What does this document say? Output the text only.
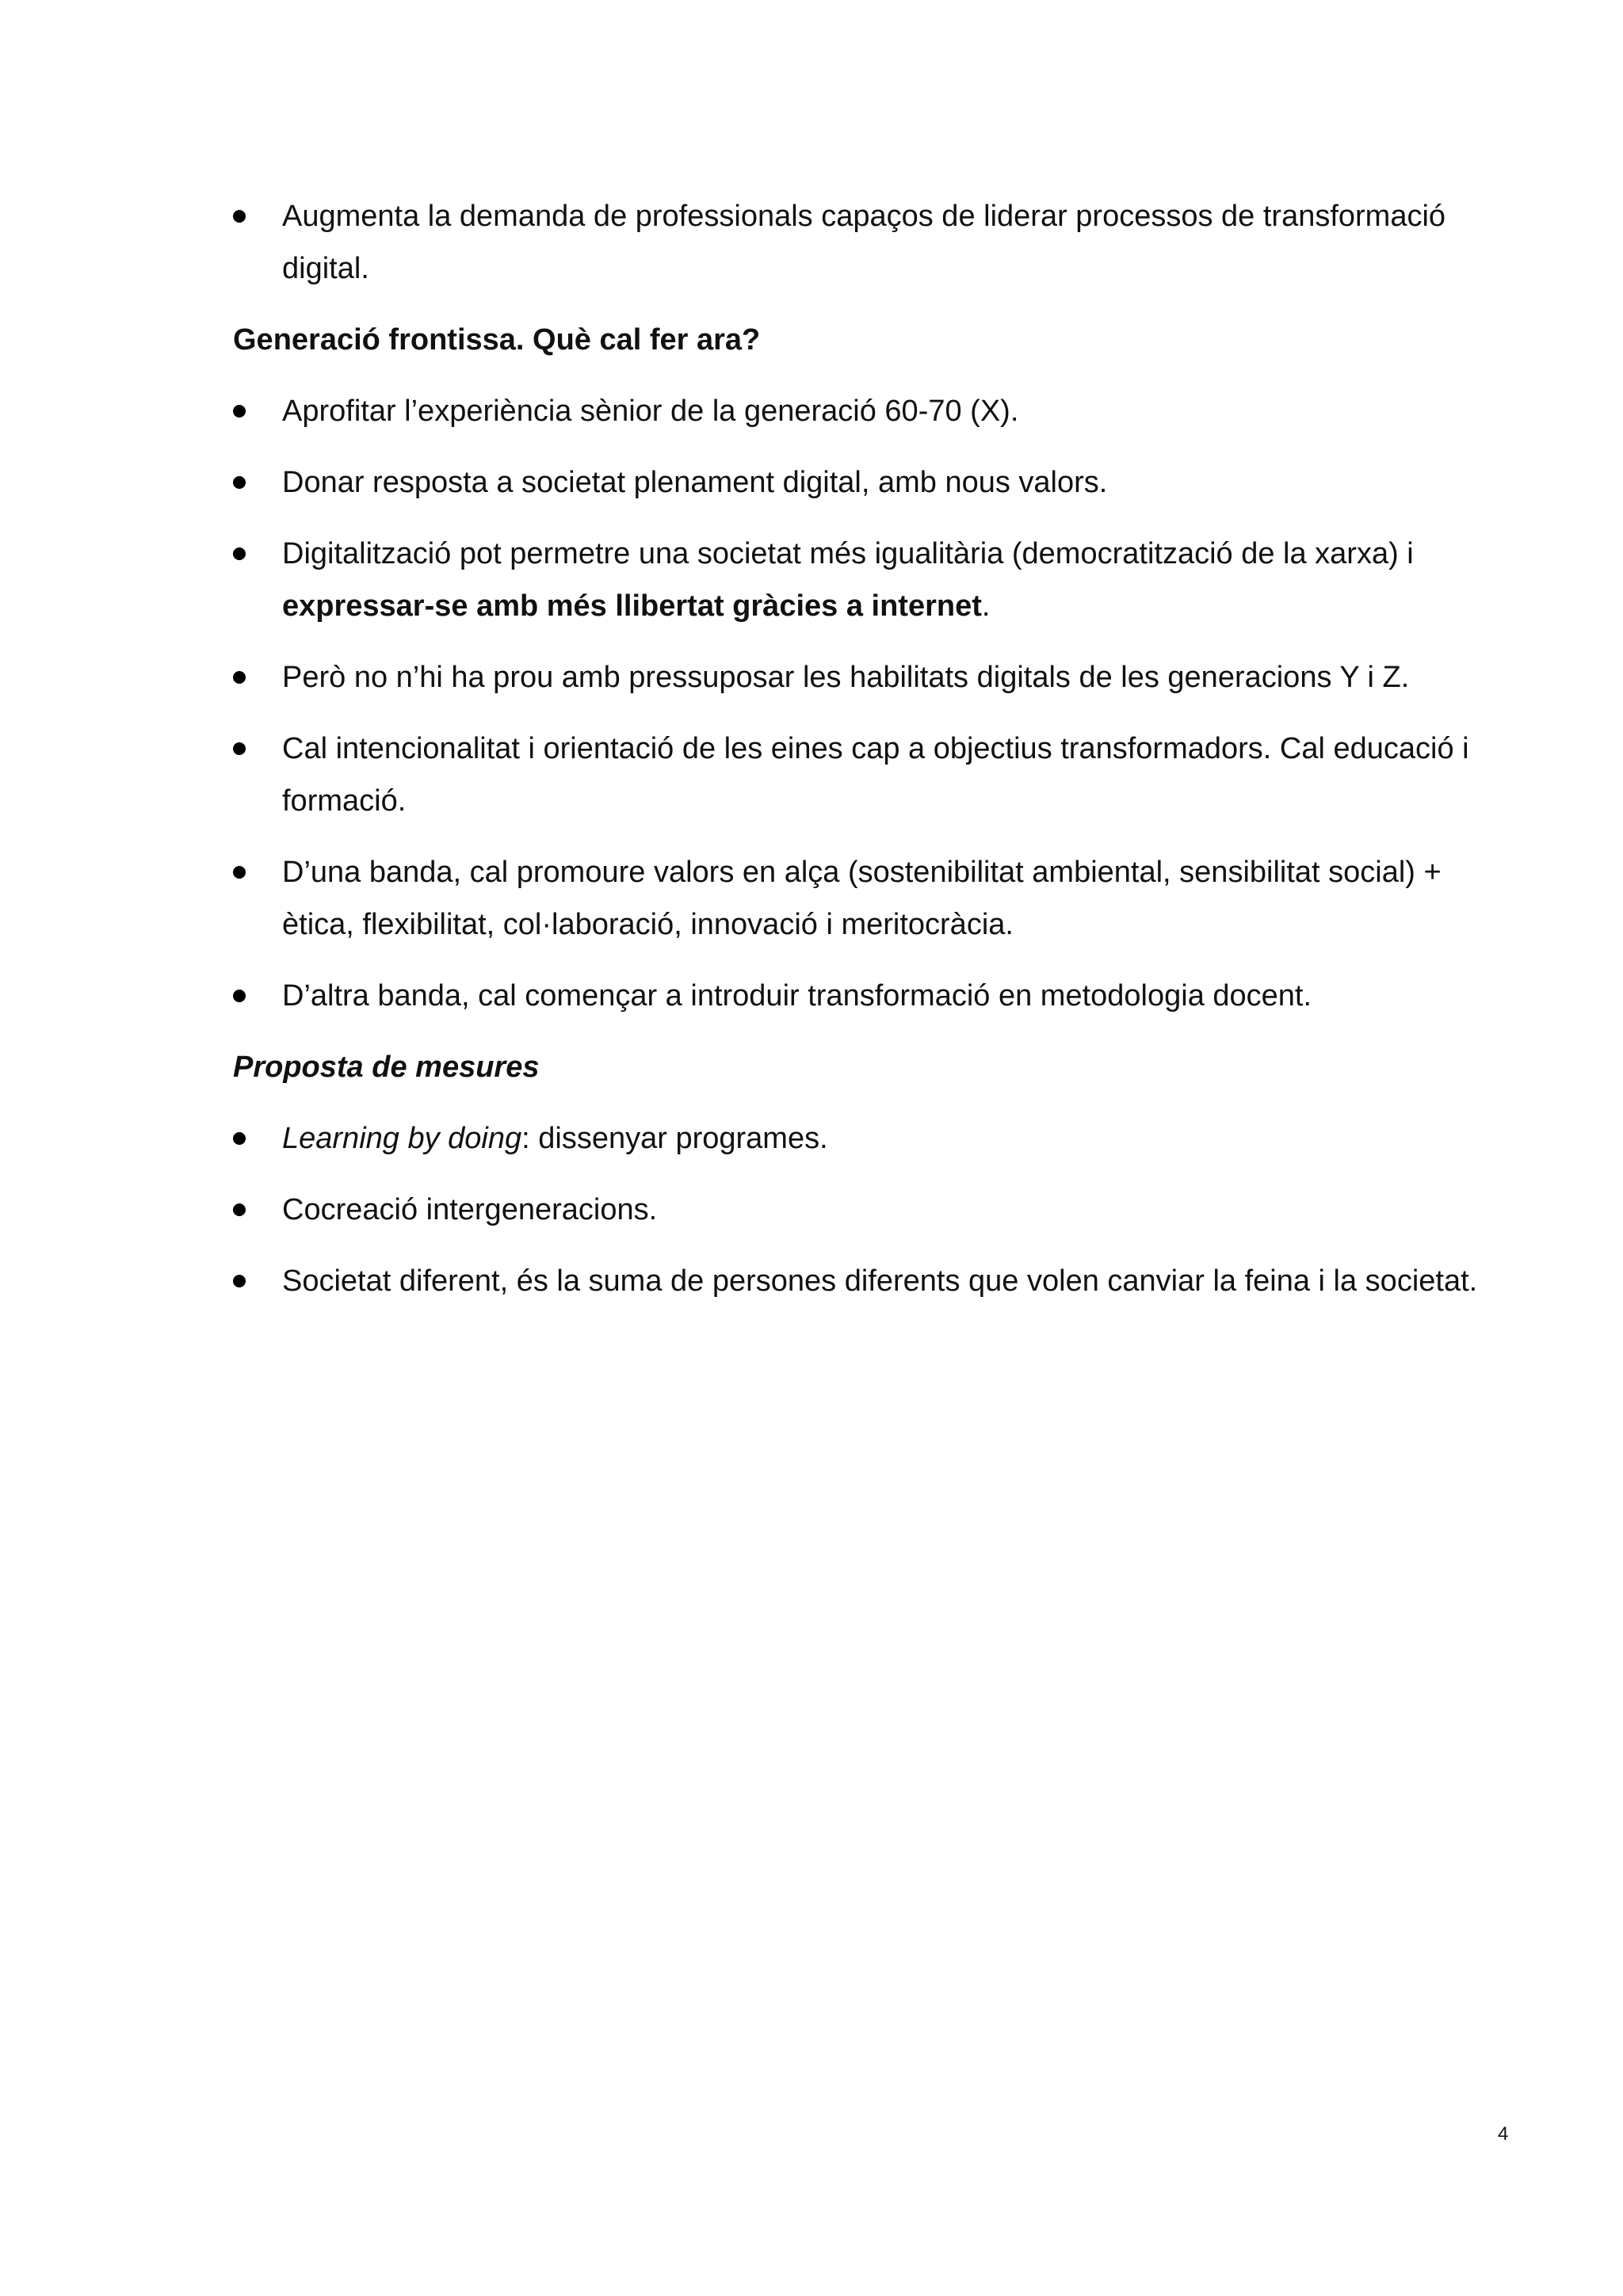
Augmenta la demanda de professionals capaços de liderar processos de transformació digital.
Generació frontissa. Què cal fer ara?
Aprofitar l’experiència sènior de la generació 60-70 (X).
Donar resposta a societat plenament digital, amb nous valors.
Digitalització pot permetre una societat més igualitària (democratització de la xarxa) i expressar-se amb més llibertat gràcies a internet.
Però no n’hi ha prou amb pressuposar les habilitats digitals de les generacions Y i Z.
Cal intencionalitat i orientació de les eines cap a objectius transformadors. Cal educació i formació.
D’una banda, cal promoure valors en alça (sostenibilitat ambiental, sensibilitat social) + ètica, flexibilitat, col·laboració, innovació i meritocràcia.
D’altra banda, cal començar a introduir transformació en metodologia docent.
Proposta de mesures
Learning by doing: dissenyar programes.
Cocreació intergeneracions.
Societat diferent, és la suma de persones diferents que volen canviar la feina i la societat.
4
